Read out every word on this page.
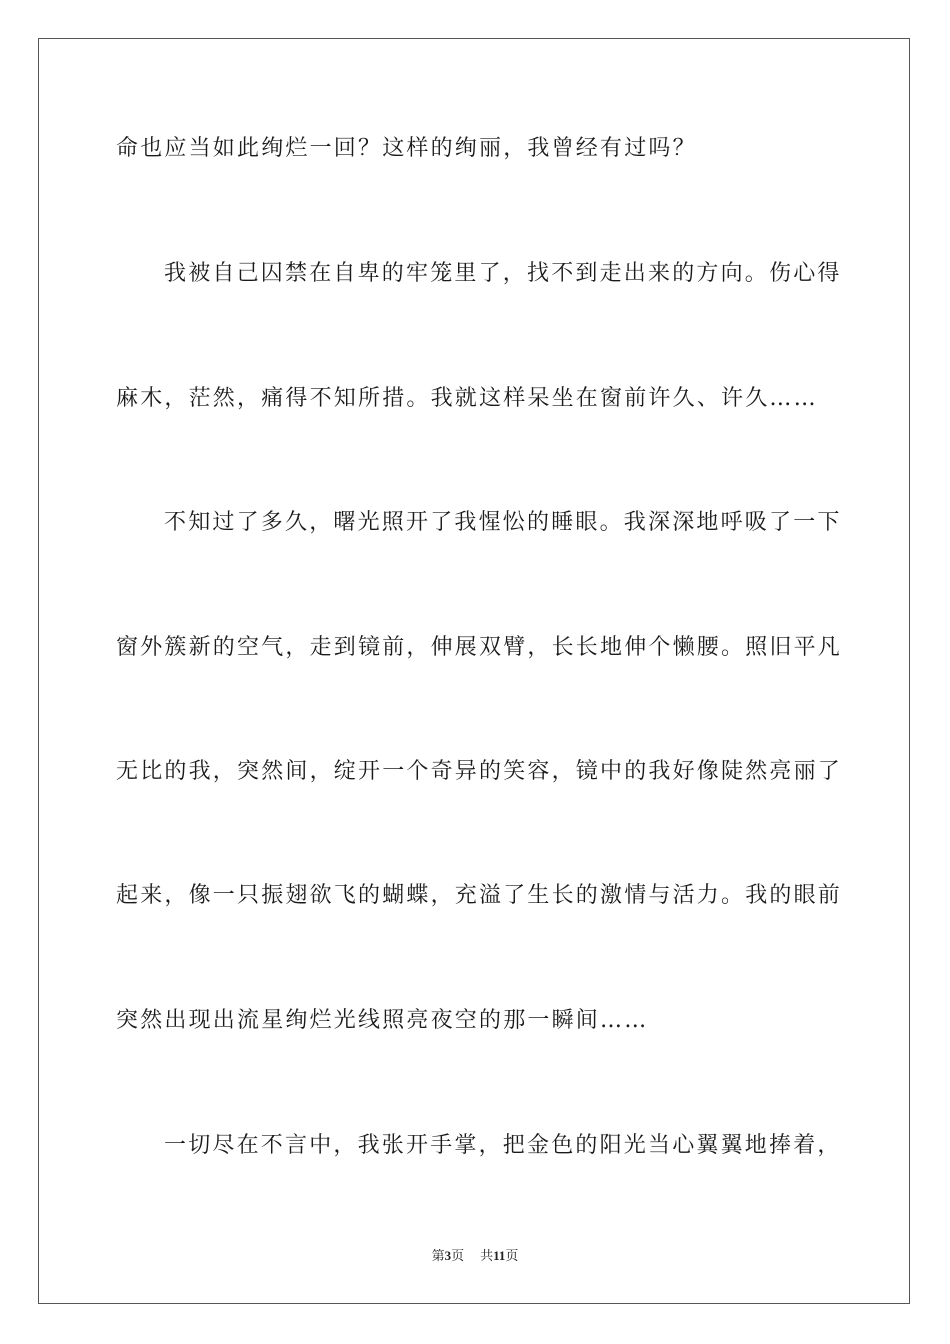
命也应当如此绚烂一回？这样的绚丽，我曾经有过吗？
我被自己囚禁在自卑的牢笼里了，找不到走出来的方向。伤心得
麻木，茫然，痛得不知所措。我就这样呆坐在窗前许久、许久……
不知过了多久，曙光照开了我惺忪的睡眼。我深深地呼吸了一下
窗外簇新的空气，走到镜前，伸展双臂，长长地伸个懒腰。照旧平凡
无比的我，突然间，绽开一个奇异的笑容，镜中的我好像陡然亮丽了
起来，像一只振翅欲飞的蝴蝶，充溢了生长的激情与活力。我的眼前
突然出现出流星绚烂光线照亮夜空的那一瞬间……
一切尽在不言中，我张开手掌，把金色的阳光当心翼翼地捧着，
第3页 共11页
